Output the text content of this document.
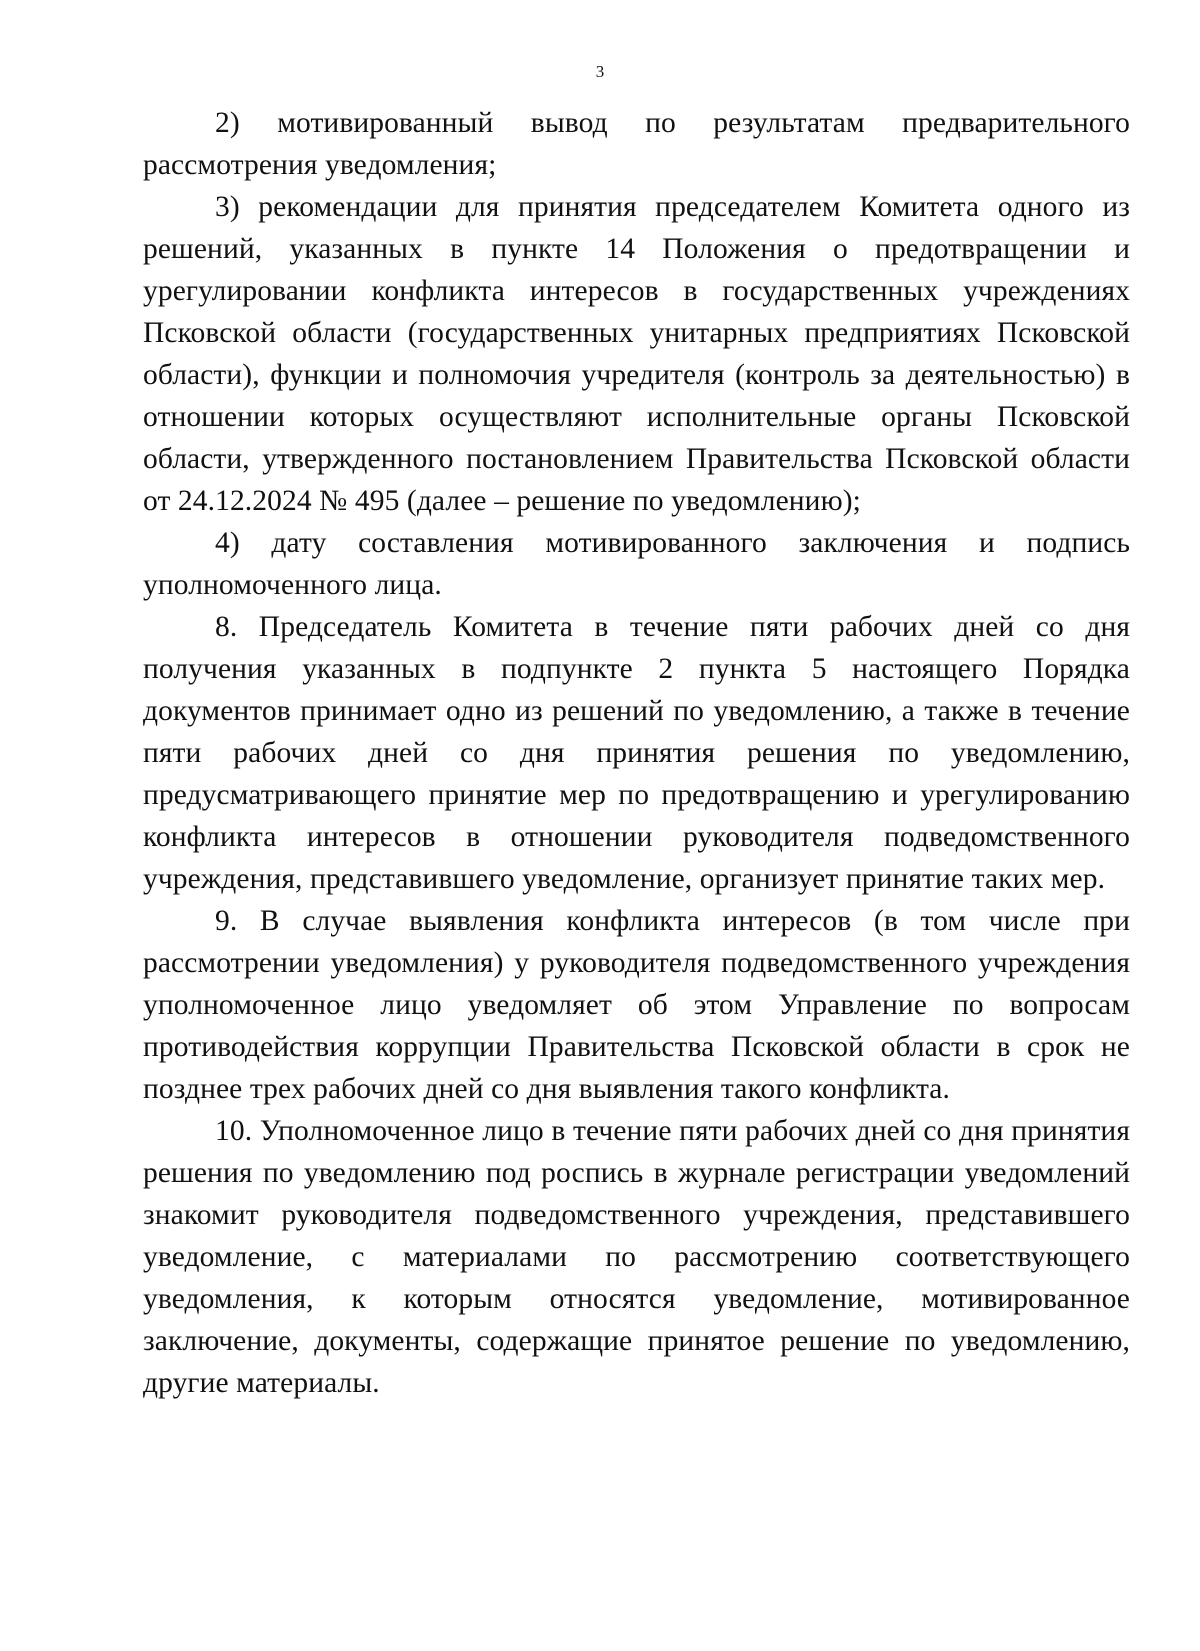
3

2) мотивированный вывод по результатам предварительного рассмотрения уведомления;

3) рекомендации для принятия председателем Комитета одного из решений, указанных в пункте 14 Положения о предотвращении и урегулировании конфликта интересов в государственных учреждениях Псковской области (государственных унитарных предприятиях Псковской области), функции и полномочия учредителя (контроль за деятельностью) в отношении которых осуществляют исполнительные органы Псковской области, утвержденного постановлением Правительства Псковской области от 24.12.2024 № 495 (далее – решение по уведомлению);

4) дату составления мотивированного заключения и подпись уполномоченного лица.

8. Председатель Комитета в течение пяти рабочих дней со дня получения указанных в подпункте 2 пункта 5 настоящего Порядка документов принимает одно из решений по уведомлению, а также в течение пяти рабочих дней со дня принятия решения по уведомлению, предусматривающего принятие мер по предотвращению и урегулированию конфликта интересов в отношении руководителя подведомственного учреждения, представившего уведомление, организует принятие таких мер.

9. В случае выявления конфликта интересов (в том числе при рассмотрении уведомления) у руководителя подведомственного учреждения уполномоченное лицо уведомляет об этом Управление по вопросам противодействия коррупции Правительства Псковской области в срок не позднее трех рабочих дней со дня выявления такого конфликта.

10. Уполномоченное лицо в течение пяти рабочих дней со дня принятия решения по уведомлению под роспись в журнале регистрации уведомлений знакомит руководителя подведомственного учреждения, представившего уведомление, с материалами по рассмотрению соответствующего уведомления, к которым относятся уведомление, мотивированное заключение, документы, содержащие принятое решение по уведомлению, другие материалы.
